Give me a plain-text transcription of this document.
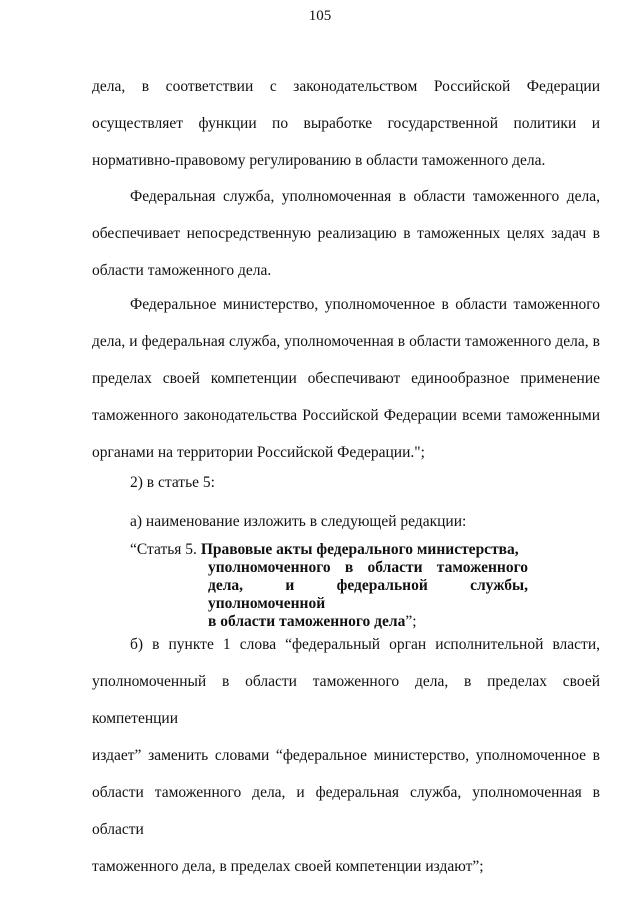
105
дела, в соответствии с законодательством Российской Федерации
осуществляет функции по выработке государственной политики и
нормативно-правовому регулированию в области таможенного дела.
Федеральная служба, уполномоченная в области таможенного дела,
обеспечивает непосредственную реализацию в таможенных целях задач в
области таможенного дела.
Федеральное министерство, уполномоченное в области таможенного
дела, и федеральная служба, уполномоченная в области таможенного дела, в
пределах своей компетенции обеспечивают единообразное применение
таможенного законодательства Российской Федерации всеми таможенными
органами на территории Российской Федерации.";
2) в статье 5:
а) наименование изложить в следующей редакции:
“Статья 5. Правовые акты федерального министерства,
уполномоченного в области таможенного
дела, и федеральной службы, уполномоченной
в области таможенного дела”;
б) в пункте 1 слова “федеральный орган исполнительной власти,
уполномоченный в области таможенного дела, в пределах своей компетенции
издает” заменить словами “федеральное министерство, уполномоченное в
области таможенного дела, и федеральная служба, уполномоченная в области
таможенного дела, в пределах своей компетенции издают”;
